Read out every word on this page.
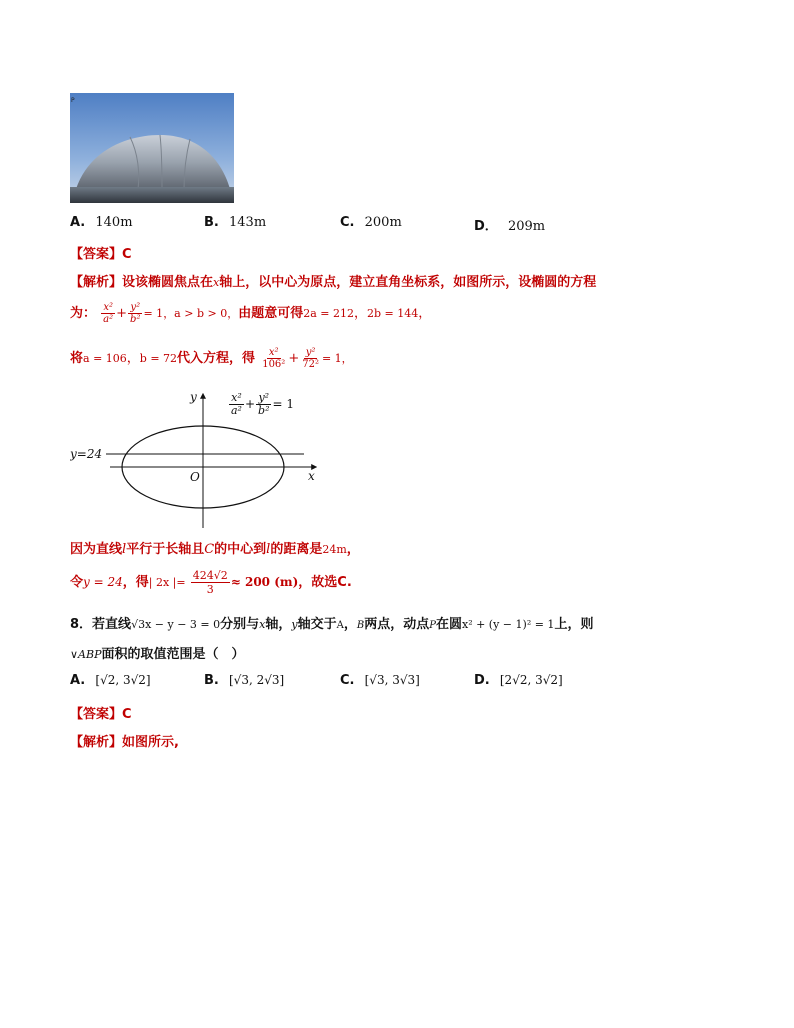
P
A. 140m	B. 143m	C. 200m	D． 209m
【答案】C
【解析】设该椭圆焦点在x轴上，以中心为原点，建立直角坐标系，如图所示，设椭圆的方程
为： $\frac{\text{x²}}{\text{a²}} + \frac{\text{y²}}{\text{b²}} = 1$，a > b > 0，由题意可得2a = 212，2b = 144，
将a = 106，b = 72代入方程，得 $\frac{\text{x²}}{\text{106²}} + \frac{\text{y²}}{\text{72²}} = 1$，
y=24
y
x
O
$\frac{\text{x²}}{\text{a²}} + \frac{\text{y²}}{\text{b²}} = 1$
因为直线l平行于长轴且C的中心到l的距离是24m，
令y = 24，得| 2x |= $\frac{424√2}{3} \approx 200$ (m)，故选C.
8．若直线√3x − y − 3 = 0分别与x轴，y轴交于A，B两点，动点P在圆x² + (y − 1)² = 1上，则
∨ABP面积的取值范围是（　）
A. [√2, 3√2]	B. [√3, 2√3]	C. [√3, 3√3]	D. [2√2, 3√2]
【答案】C
【解析】如图所示,
